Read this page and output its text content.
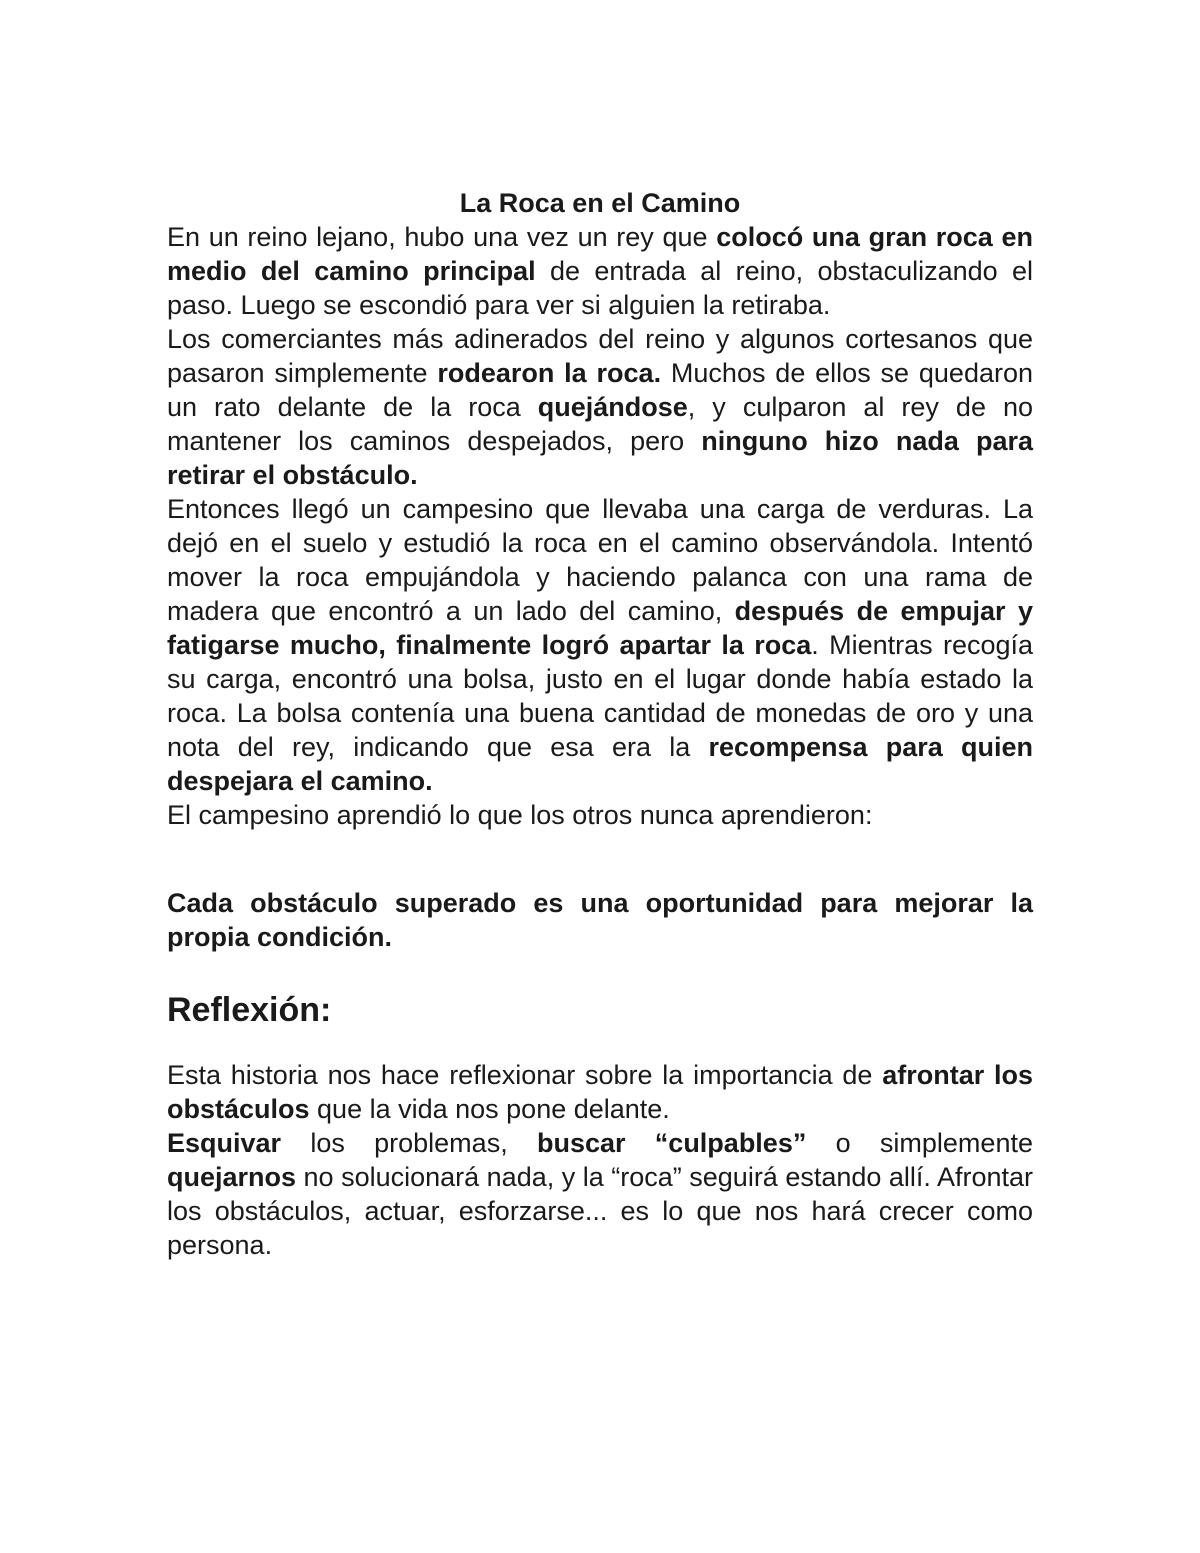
La Roca en el Camino

En un reino lejano, hubo una vez un rey que colocó una gran roca en medio del camino principal de entrada al reino, obstaculizando el paso. Luego se escondió para ver si alguien la retiraba.

Los comerciantes más adinerados del reino y algunos cortesanos que pasaron simplemente rodearon la roca. Muchos de ellos se quedaron un rato delante de la roca quejándose, y culparon al rey de no mantener los caminos despejados, pero ninguno hizo nada para retirar el obstáculo.

Entonces llegó un campesino que llevaba una carga de verduras. La dejó en el suelo y estudió la roca en el camino observándola. Intentó mover la roca empujándola y haciendo palanca con una rama de madera que encontró a un lado del camino, después de empujar y fatigarse mucho, finalmente logró apartar la roca. Mientras recogía su carga, encontró una bolsa, justo en el lugar donde había estado la roca. La bolsa contenía una buena cantidad de monedas de oro y una nota del rey, indicando que esa era la recompensa para quien despejara el camino.

El campesino aprendió lo que los otros nunca aprendieron:

Cada obstáculo superado es una oportunidad para mejorar la propia condición.

Reflexión:

Esta historia nos hace reflexionar sobre la importancia de afrontar los obstáculos que la vida nos pone delante.

Esquivar los problemas, buscar “culpables” o simplemente quejarnos no solucionará nada, y la “roca” seguirá estando allí. Afrontar los obstáculos, actuar, esforzarse... es lo que nos hará crecer como persona.
